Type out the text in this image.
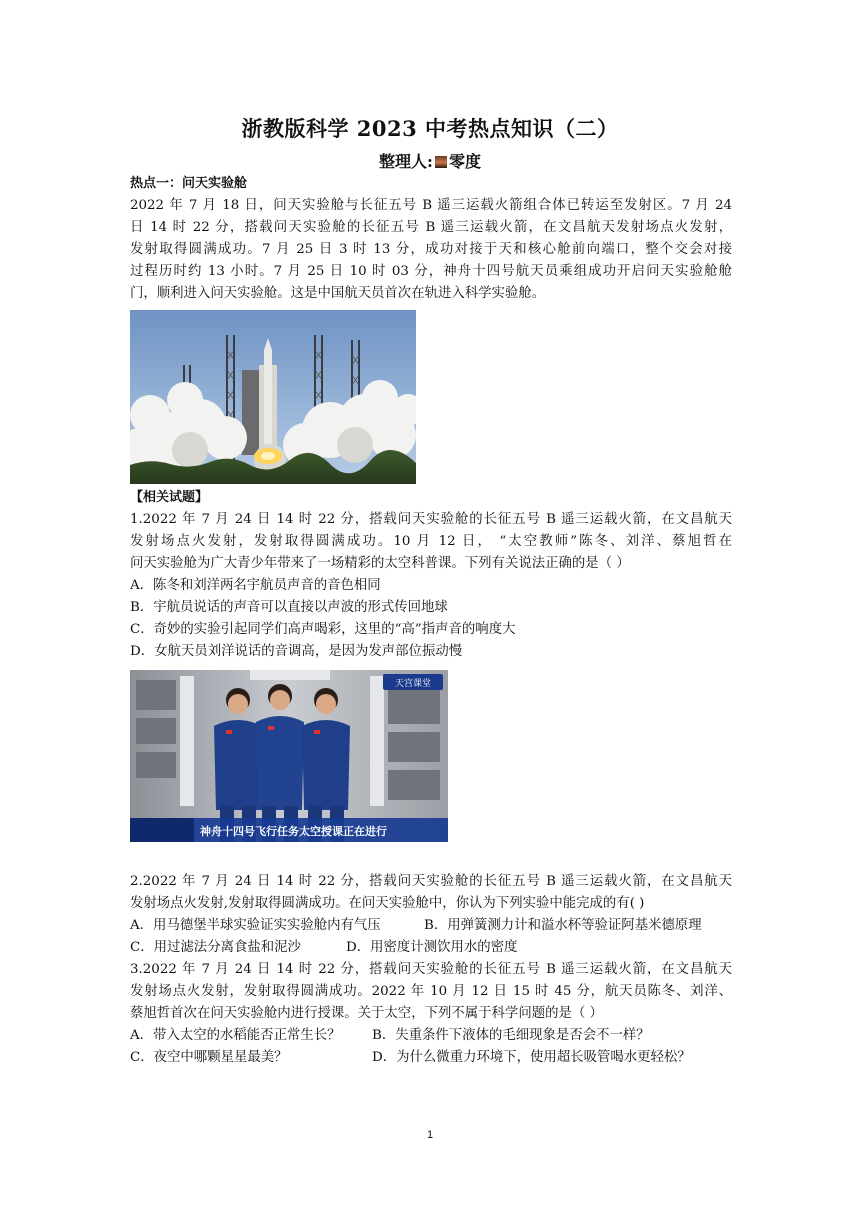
浙教版科学 2023 中考热点知识（二）
整理人: 零度
热点一：问天实验舱
2022 年 7 月 18 日，问天实验舱与长征五号 B 遥三运载火箭组合体已转运至发射区。7 月 24
日 14 时 22 分，搭载问天实验舱的长征五号 B 遥三运载火箭，在文昌航天发射场点火发射，
发射取得圆满成功。7 月 25 日 3 时 13 分，成功对接于天和核心舱前向端口，整个交会对接
过程历时约 13 小时。7 月 25 日 10 时 03 分，神舟十四号航天员乘组成功开启问天实验舱舱
门，顺利进入问天实验舱。这是中国航天员首次在轨进入科学实验舱。
【相关试题】
1.2022 年 7 月 24 日 14 时 22 分，搭载问天实验舱的长征五号 B 遥三运载火箭，在文昌航天
发射场点火发射，发射取得圆满成功。10 月 12 日， “太空教师”陈冬、刘洋、蔡旭哲在
问天实验舱为广大青少年带来了一场精彩的太空科普课。下列有关说法正确的是（ ）
A．陈冬和刘洋两名宇航员声音的音色相同
B．宇航员说话的声音可以直接以声波的形式传回地球
C．奇妙的实验引起同学们高声喝彩，这里的“高”指声音的响度大
D．女航天员刘洋说话的音调高，是因为发声部位振动慢
天宫课堂
神舟十四号飞行任务太空授课正在进行
2.2022 年 7 月 24 日 14 时 22 分，搭载问天实验舱的长征五号 B 遥三运载火箭，在文昌航天
发射场点火发射,发射取得圆满成功。在问天实验舱中，你认为下列实验中能完成的有( )
A．用马德堡半球实验证实实验舱内有气压	B．用弹簧测力计和溢水杯等验证阿基米德原理
C．用过滤法分离食盐和泥沙	D．用密度计测饮用水的密度
3.2022 年 7 月 24 日 14 时 22 分，搭载问天实验舱的长征五号 B 遥三运载火箭，在文昌航天
发射场点火发射，发射取得圆满成功。2022 年 10 月 12 日 15 时 45 分，航天员陈冬、刘洋、
蔡旭哲首次在问天实验舱内进行授课。关于太空，下列不属于科学问题的是（ ）
A．带入太空的水稻能否正常生长？ B．失重条件下液体的毛细现象是否会不一样？
C．夜空中哪颗星星最美？	D．为什么微重力环境下，使用超长吸管喝水更轻松？
1
